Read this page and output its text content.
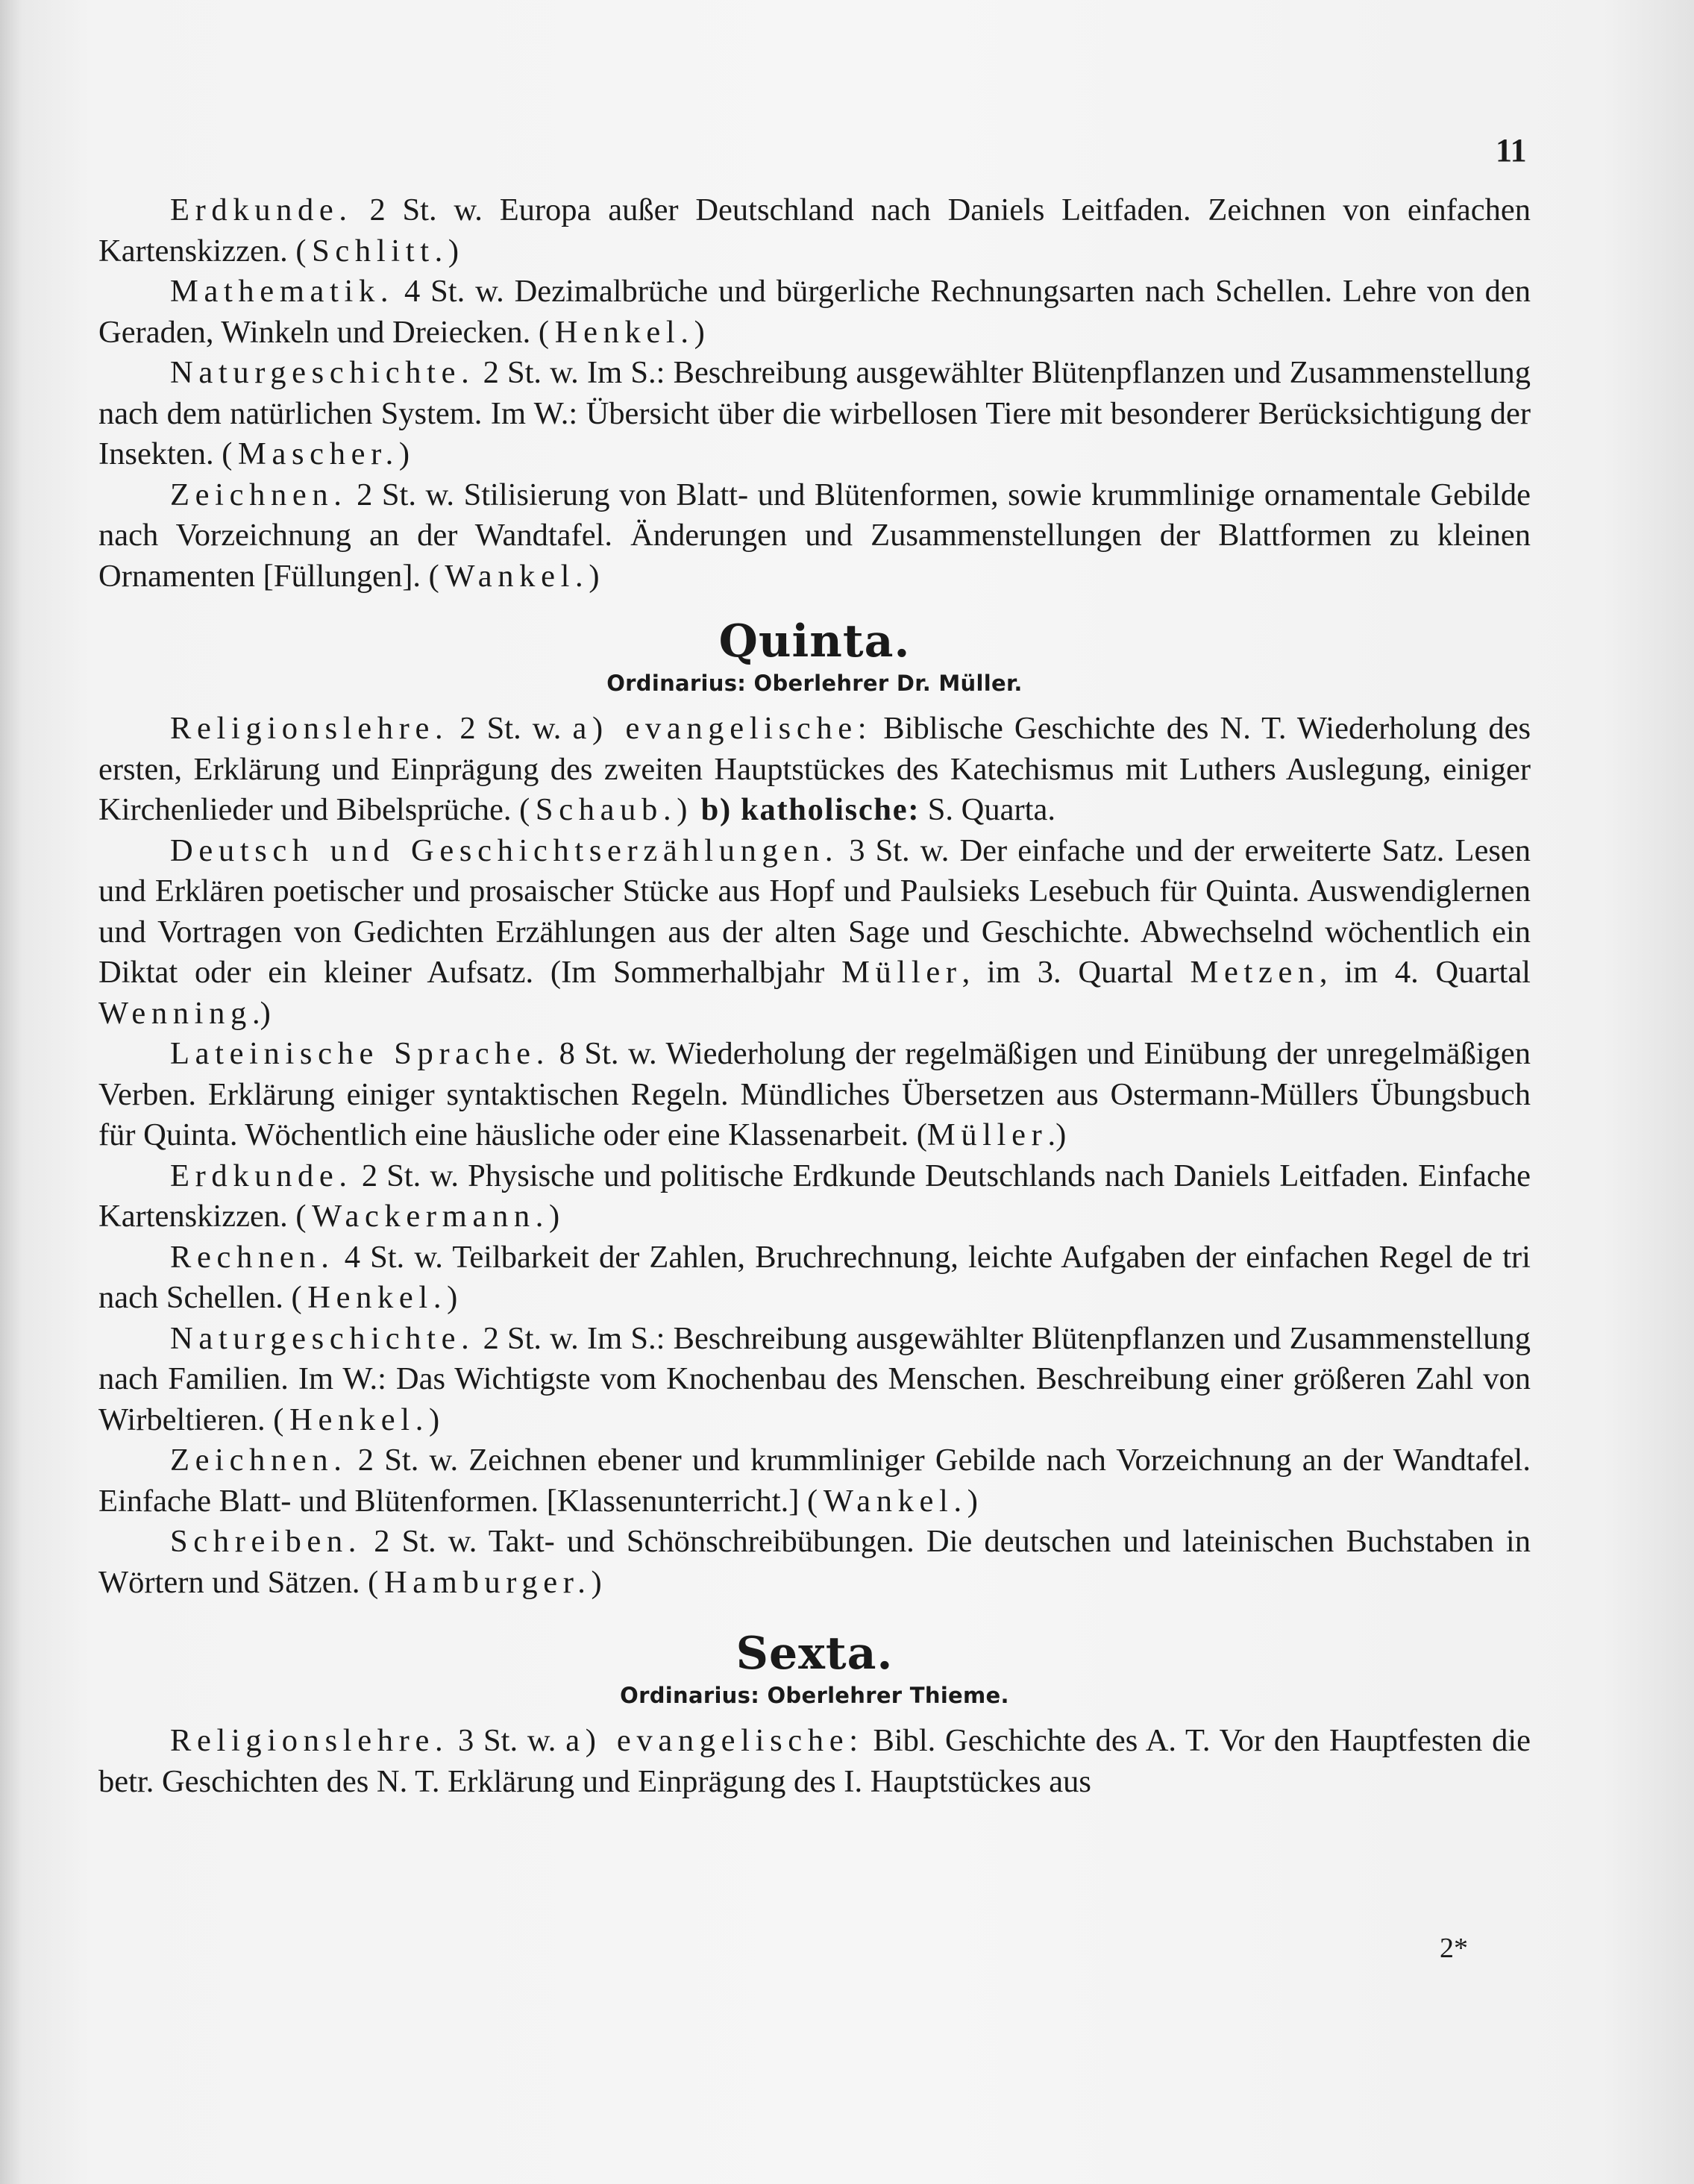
11

Erdkunde. 2 St. w. Europa außer Deutschland nach Daniels Leitfaden. Zeichnen von einfachen Kartenskizzen. (Schlitt.)

Mathematik. 4 St. w. Dezimalbrüche und bürgerliche Rechnungsarten nach Schellen. Lehre von den Geraden, Winkeln und Dreiecken. (Henkel.)

Naturgeschichte. 2 St. w. Im S.: Beschreibung ausgewählter Blütenpflanzen und Zusammenstellung nach dem natürlichen System. Im W.: Übersicht über die wirbellosen Tiere mit besonderer Berücksichtigung der Insekten. (Mascher.)

Zeichnen. 2 St. w. Stilisierung von Blatt- und Blütenformen, sowie krummlinige ornamentale Gebilde nach Vorzeichnung an der Wandtafel. Änderungen und Zusammenstellungen der Blattformen zu kleinen Ornamenten [Füllungen]. (Wankel.)

Quinta.
Ordinarius: Oberlehrer Dr. Müller.

Religionslehre. 2 St. w. a) evangelische: Biblische Geschichte des N. T. Wiederholung des ersten, Erklärung und Einprägung des zweiten Hauptstückes des Katechismus mit Luthers Auslegung, einiger Kirchenlieder und Bibelsprüche. (Schaub.) b) katholische: S. Quarta.

Deutsch und Geschichtserzählungen. 3 St. w. Der einfache und der erweiterte Satz. Lesen und Erklären poetischer und prosaischer Stücke aus Hopf und Paulsieks Lesebuch für Quinta. Auswendiglernen und Vortragen von Gedichten Erzählungen aus der alten Sage und Geschichte. Abwechselnd wöchentlich ein Diktat oder ein kleiner Aufsatz. (Im Sommerhalbjahr Müller, im 3. Quartal Metzen, im 4. Quartal Wenning.)

Lateinische Sprache. 8 St. w. Wiederholung der regelmäßigen und Einübung der unregelmäßigen Verben. Erklärung einiger syntaktischen Regeln. Mündliches Übersetzen aus Ostermann-Müllers Übungsbuch für Quinta. Wöchentlich eine häusliche oder eine Klassenarbeit. (Müller.)

Erdkunde. 2 St. w. Physische und politische Erdkunde Deutschlands nach Daniels Leitfaden. Einfache Kartenskizzen. (Wackermann.)

Rechnen. 4 St. w. Teilbarkeit der Zahlen, Bruchrechnung, leichte Aufgaben der einfachen Regel de tri nach Schellen. (Henkel.)

Naturgeschichte. 2 St. w. Im S.: Beschreibung ausgewählter Blütenpflanzen und Zusammenstellung nach Familien. Im W.: Das Wichtigste vom Knochenbau des Menschen. Beschreibung einer größeren Zahl von Wirbeltieren. (Henkel.)

Zeichnen. 2 St. w. Zeichnen ebener und krummliniger Gebilde nach Vorzeichnung an der Wandtafel. Einfache Blatt- und Blütenformen. [Klassenunterricht.] (Wankel.)

Schreiben. 2 St. w. Takt- und Schönschreibübungen. Die deutschen und lateinischen Buchstaben in Wörtern und Sätzen. (Hamburger.)

Sexta.
Ordinarius: Oberlehrer Thieme.

Religionslehre. 3 St. w. a) evangelische: Bibl. Geschichte des A. T. Vor den Hauptfesten die betr. Geschichten des N. T. Erklärung und Einprägung des I. Hauptstückes aus

2*
